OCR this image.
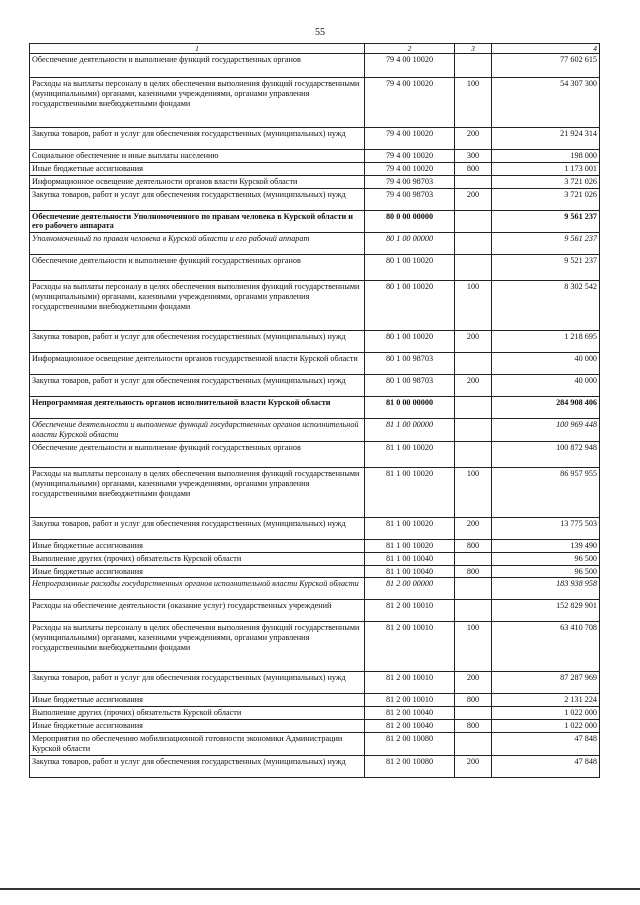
55
1	2	3	4
Обеспечение деятельности и выполнение функций государственных органов	79 4 00 10020		77 602 615
Расходы на выплаты персоналу в целях обеспечения выполнения функций государственными (муниципальными) органами, казенными учреждениями, органами управления государственными внебюджетными фондами	79 4 00 10020	100	54 307 300
Закупка товаров, работ и услуг для обеспечения государственных (муниципальных) нужд	79 4 00 10020	200	21 924 314
Социальное обеспечение и иные выплаты населению	79 4 00 10020	300	198 000
Иные бюджетные ассигнования	79 4 00 10020	800	1 173 001
Информационное освещение деятельности органов власти Курской области	79 4 00 98703		3 721 026
Закупка товаров, работ и услуг для обеспечения государственных (муниципальных) нужд	79 4 00 98703	200	3 721 026
Обеспечение деятельности Уполномоченного по правам человека в Курской области и его рабочего аппарата	80 0 00 00000		9 561 237
Уполномоченный по правам человека в Курской области и его рабочий аппарат	80 1 00 00000		9 561 237
Обеспечение деятельности и выполнение функций государственных органов	80 1 00 10020		9 521 237
Расходы на выплаты персоналу в целях обеспечения выполнения функций государственными (муниципальными) органами, казенными учреждениями, органами управления государственными внебюджетными фондами	80 1 00 10020	100	8 302 542
Закупка товаров, работ и услуг для обеспечения государственных (муниципальных) нужд	80 1 00 10020	200	1 218 695
Информационное освещение деятельности органов государственной власти Курской области	80 1 00 98703		40 000
Закупка товаров, работ и услуг для обеспечения государственных (муниципальных) нужд	80 1 00 98703	200	40 000
Непрограммная деятельность органов исполнительной власти Курской области	81 0 00 00000		284 908 406
Обеспечение деятельности и выполнение функций государственных органов исполнительной власти Курской области	81 1 00 00000		100 969 448
Обеспечение деятельности и выполнение функций государственных органов	81 1 00 10020		100 872 948
Расходы на выплаты персоналу в целях обеспечения выполнения функций государственными (муниципальными) органами, казенными учреждениями, органами управления государственными внебюджетными фондами	81 1 00 10020	100	86 957 955
Закупка товаров, работ и услуг для обеспечения государственных (муниципальных) нужд	81 1 00 10020	200	13 775 503
Иные бюджетные ассигнования	81 1 00 10020	800	139 490
Выполнение других (прочих) обязательств Курской области	81 1 00 10040		96 500
Иные бюджетные ассигнования	81 1 00 10040	800	96 500
Непрограммные расходы государственных органов исполнительной власти Курской области	81 2 00 00000		183 938 958
Расходы на обеспечение деятельности (оказание услуг) государственных учреждений	81 2 00 10010		152 829 901
Расходы на выплаты персоналу в целях обеспечения выполнения функций государственными (муниципальными) органами, казенными учреждениями, органами управления государственными внебюджетными фондами	81 2 00 10010	100	63 410 708
Закупка товаров, работ и услуг для обеспечения государственных (муниципальных) нужд	81 2 00 10010	200	87 287 969
Иные бюджетные ассигнования	81 2 00 10010	800	2 131 224
Выполнение других (прочих) обязательств Курской области	81 2 00 10040		1 022 000
Иные бюджетные ассигнования	81 2 00 10040	800	1 022 000
Мероприятия по обеспечению мобилизационной готовности экономики Администрации Курской области	81 2 00 10080		47 848
Закупка товаров, работ и услуг для обеспечения государственных (муниципальных) нужд	81 2 00 10080	200	47 848
